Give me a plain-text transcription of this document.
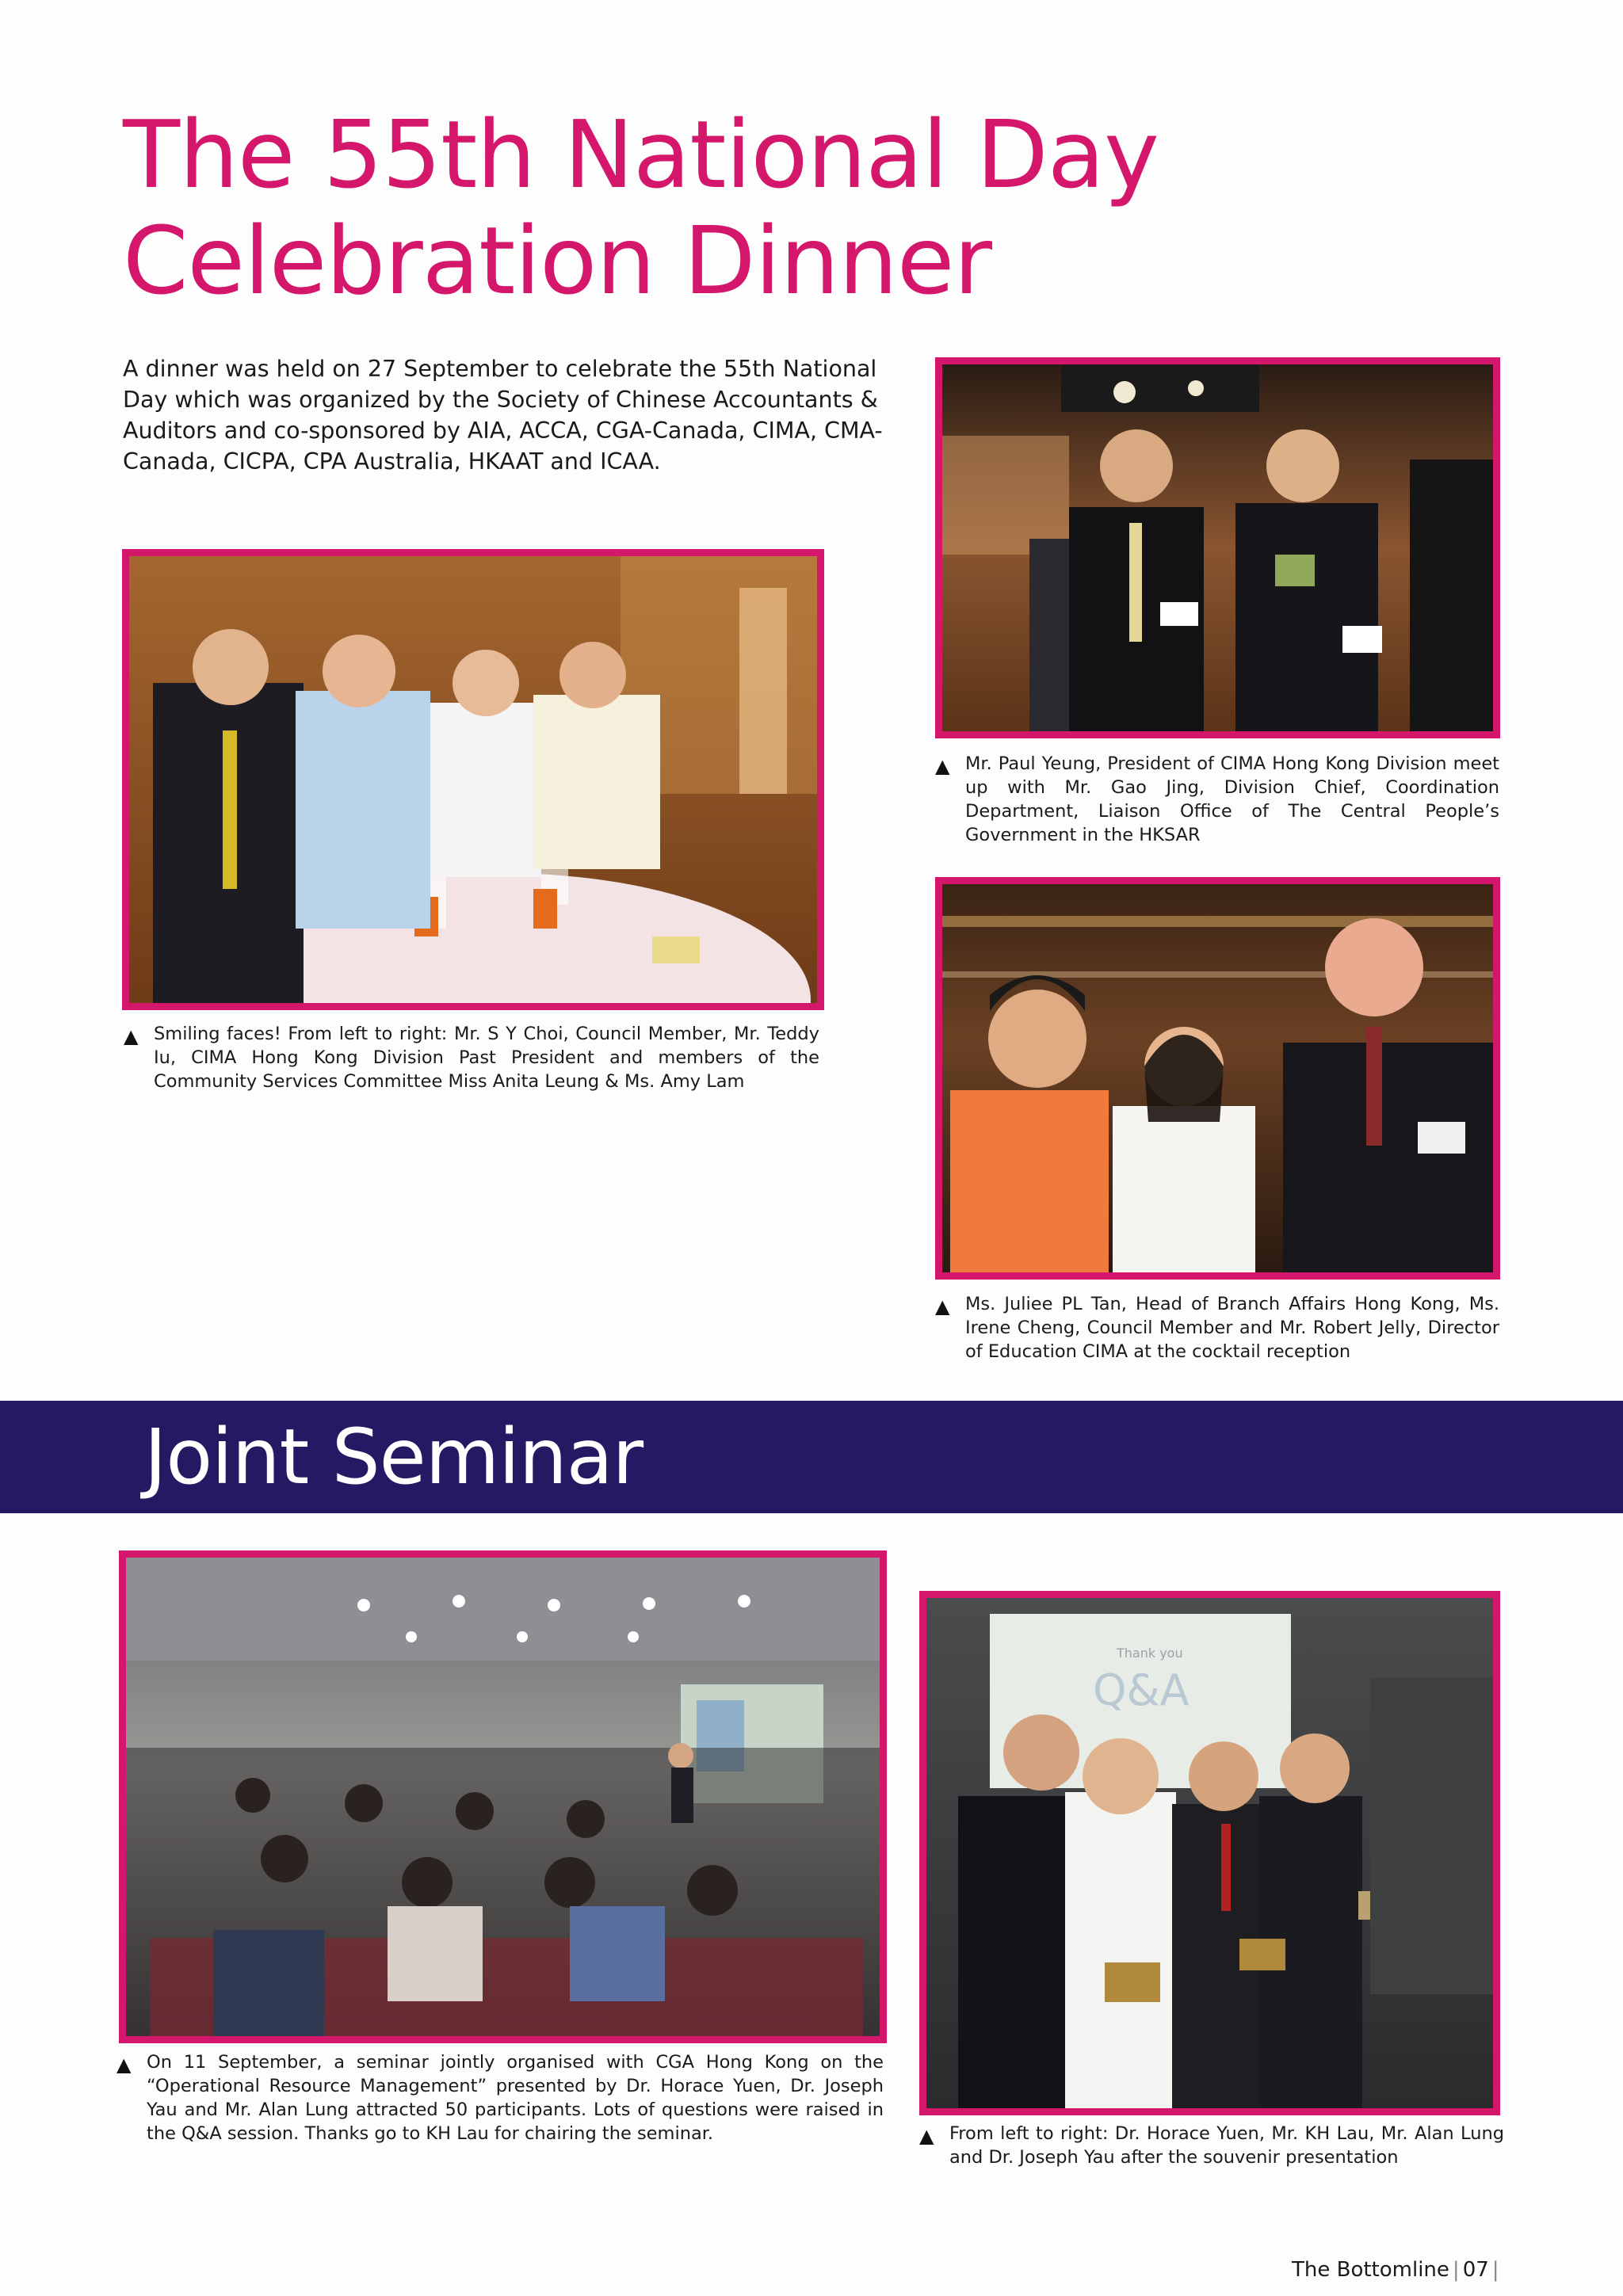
The 55th National Day
Celebration Dinner

A dinner was held on 27 September to celebrate the 55th National Day which was organized by the Society of Chinese Accountants & Auditors and co-sponsored by AIA, ACCA, CGA-Canada, CIMA, CMA-Canada, CICPA, CPA Australia, HKAAT and ICAA.

▲ Smiling faces! From left to right: Mr. S Y Choi, Council Member, Mr. Teddy Iu, CIMA Hong Kong Division Past President and members of the Community Services Committee Miss Anita Leung & Ms. Amy Lam
▲ Mr. Paul Yeung, President of CIMA Hong Kong Division meet up with Mr. Gao Jing, Division Chief, Coordination Department, Liaison Office of The Central People’s Government in the HKSAR
▲ Ms. Juliee PL Tan, Head of Branch Affairs Hong Kong, Ms. Irene Cheng, Council Member and Mr. Robert Jelly, Director of Education CIMA at the cocktail reception
Joint Seminar
▲ On 11 September, a seminar jointly organised with CGA Hong Kong on the “Operational Resource Management” presented by Dr. Horace Yuen, Dr. Joseph Yau and Mr. Alan Lung attracted 50 participants. Lots of questions were raised in the Q&A session. Thanks go to KH Lau for chairing the seminar.
Thank you
Q&A
▲ From left to right: Dr. Horace Yuen, Mr. KH Lau, Mr. Alan Lung and Dr. Joseph Yau after the souvenir presentation
The Bottomline | 07 |
